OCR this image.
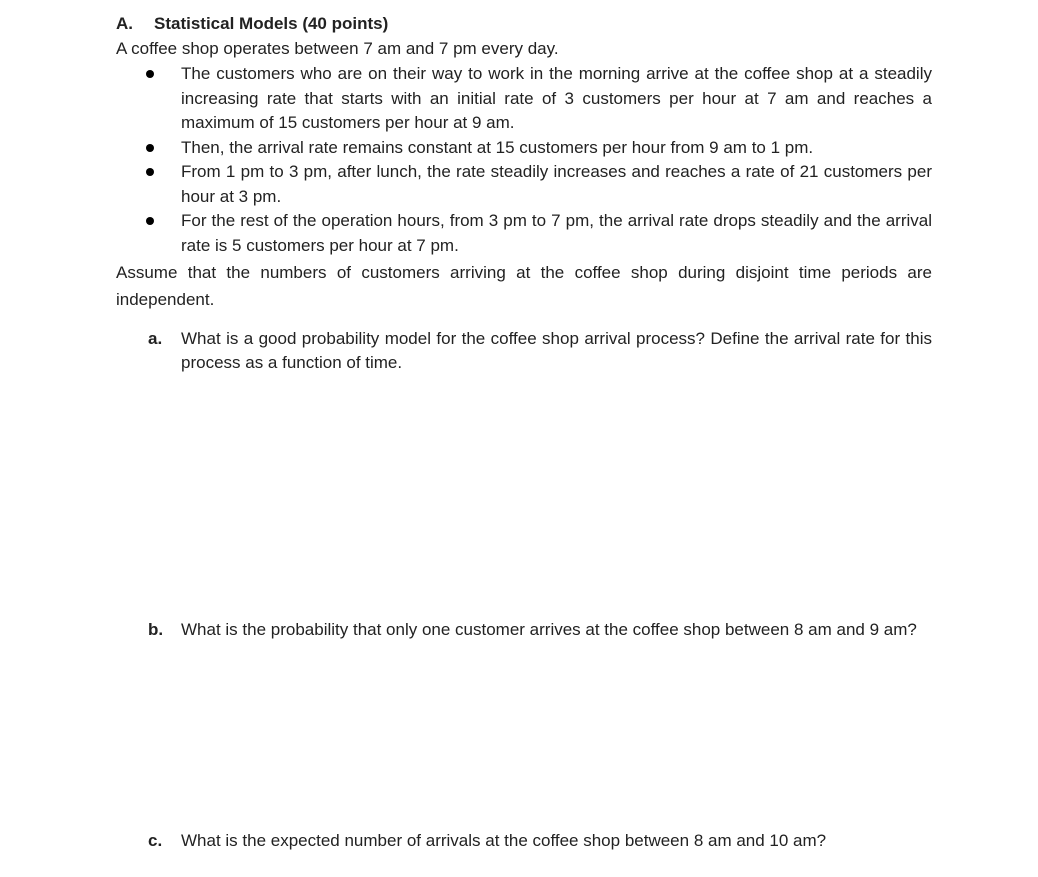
A. Statistical Models (40 points)
A coffee shop operates between 7 am and 7 pm every day.
The customers who are on their way to work in the morning arrive at the coffee shop at a steadily increasing rate that starts with an initial rate of 3 customers per hour at 7 am and reaches a maximum of 15 customers per hour at 9 am.
Then, the arrival rate remains constant at 15 customers per hour from 9 am to 1 pm.
From 1 pm to 3 pm, after lunch, the rate steadily increases and reaches a rate of 21 customers per hour at 3 pm.
For the rest of the operation hours, from 3 pm to 7 pm, the arrival rate drops steadily and the arrival rate is 5 customers per hour at 7 pm.
Assume that the numbers of customers arriving at the coffee shop during disjoint time periods are independent.
a.	What is a good probability model for the coffee shop arrival process? Define the arrival rate for this process as a function of time.
b.	What is the probability that only one customer arrives at the coffee shop between 8 am and 9 am?
c.	What is the expected number of arrivals at the coffee shop between 8 am and 10 am?
